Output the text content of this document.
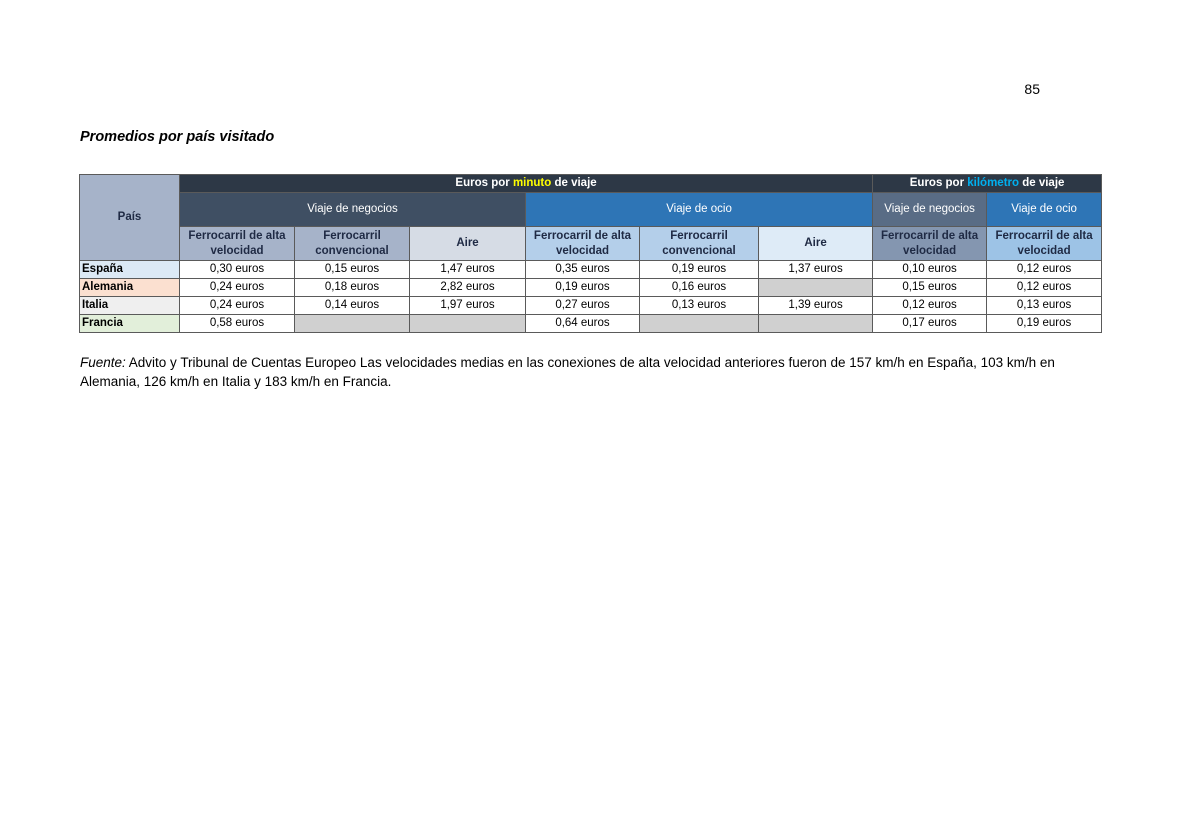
85
Promedios por país visitado
País	Euros por minuto de viaje						Euros por kilómetro de viaje	
	Viaje de negocios			Viaje de ocio			Viaje de negocios	Viaje de ocio
	Ferrocarril de alta velocidad	Ferrocarril convencional	Aire	Ferrocarril de alta velocidad	Ferrocarril convencional	Aire	Ferrocarril de alta velocidad	Ferrocarril de alta velocidad
España	0,30 euros	0,15 euros	1,47 euros	0,35 euros	0,19 euros	1,37 euros	0,10 euros	0,12 euros
Alemania	0,24 euros	0,18 euros	2,82 euros	0,19 euros	0,16 euros		0,15 euros	0,12 euros
Italia	0,24 euros	0,14 euros	1,97 euros	0,27 euros	0,13 euros	1,39 euros	0,12 euros	0,13 euros
Francia	0,58 euros			0,64 euros			0,17 euros	0,19 euros

Fuente: Advito y Tribunal de Cuentas Europeo Las velocidades medias en las conexiones de alta velocidad anteriores fueron de 157 km/h en España, 103 km/h en Alemania, 126 km/h en Italia y 183 km/h en Francia.
